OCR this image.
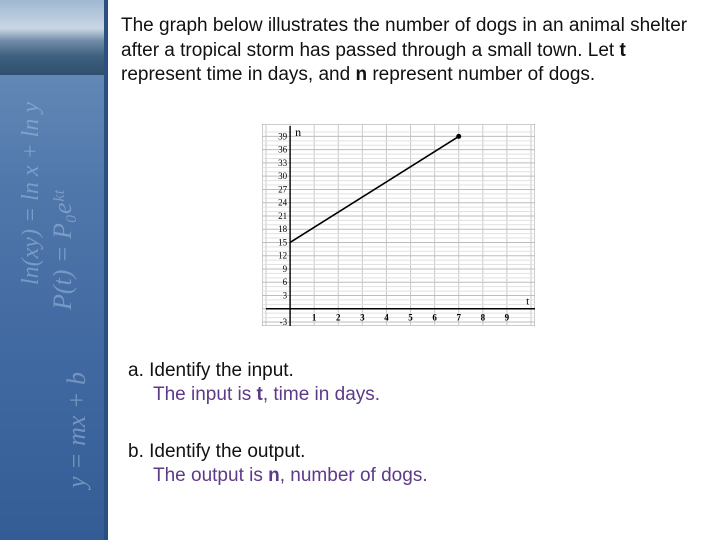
ln(xy) = ln x + ln y P(t) = P₀eᵏᵗ
y = mx + b

The graph below illustrates the number of dogs in an animal shelter after a tropical storm has passed through a small town. Let t represent time in days, and n represent number of dogs.

1 2 3 4 5 6 7 8 9
-3
3
6
9
12
15
18
21
24
27
30
33
36
39 n
t
a. Identify the input.
The input is t, time in days.
b. Identify the output.
The output is n, number of dogs.
